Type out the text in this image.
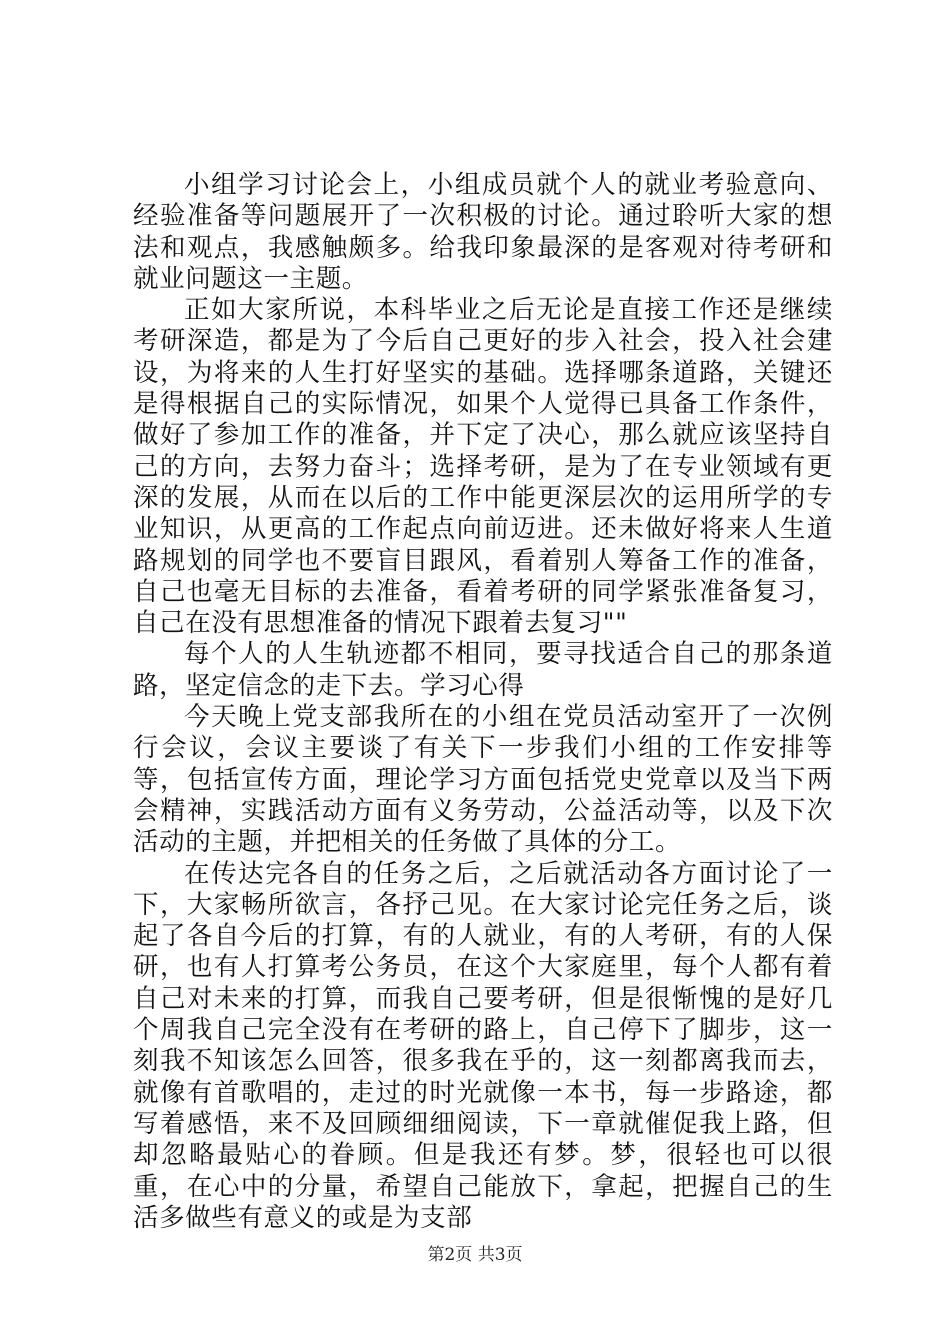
小组学习讨论会上，小组成员就个人的就业考验意向、经验准备等问题展开了一次积极的讨论。通过聆听大家的想法和观点，我感触颇多。给我印象最深的是客观对待考研和就业问题这一主题。

正如大家所说，本科毕业之后无论是直接工作还是继续考研深造，都是为了今后自己更好的步入社会，投入社会建设，为将来的人生打好坚实的基础。选择哪条道路，关键还是得根据自己的实际情况，如果个人觉得已具备工作条件，做好了参加工作的准备，并下定了决心，那么就应该坚持自己的方向，去努力奋斗；选择考研，是为了在专业领域有更深的发展，从而在以后的工作中能更深层次的运用所学的专业知识，从更高的工作起点向前迈进。还未做好将来人生道路规划的同学也不要盲目跟风，看着别人筹备工作的准备，自己也毫无目标的去准备，看着考研的同学紧张准备复习，自己在没有思想准备的情况下跟着去复习""

每个人的人生轨迹都不相同，要寻找适合自己的那条道路，坚定信念的走下去。学习心得

今天晚上党支部我所在的小组在党员活动室开了一次例行会议，会议主要谈了有关下一步我们小组的工作安排等等，包括宣传方面，理论学习方面包括党史党章以及当下两会精神，实践活动方面有义务劳动，公益活动等，以及下次活动的主题，并把相关的任务做了具体的分工。

在传达完各自的任务之后，之后就活动各方面讨论了一下，大家畅所欲言，各抒己见。在大家讨论完任务之后，谈起了各自今后的打算，有的人就业，有的人考研，有的人保研，也有人打算考公务员，在这个大家庭里，每个人都有着自己对未来的打算，而我自己要考研，但是很惭愧的是好几个周我自己完全没有在考研的路上，自己停下了脚步，这一刻我不知该怎么回答，很多我在乎的，这一刻都离我而去，就像有首歌唱的，走过的时光就像一本书，每一步路途，都写着感悟，来不及回顾细细阅读，下一章就催促我上路，但却忽略最贴心的眷顾。但是我还有梦。梦，很轻也可以很重，在心中的分量，希望自己能放下，拿起，把握自己的生活多做些有意义的或是为支部

第2页 共3页
